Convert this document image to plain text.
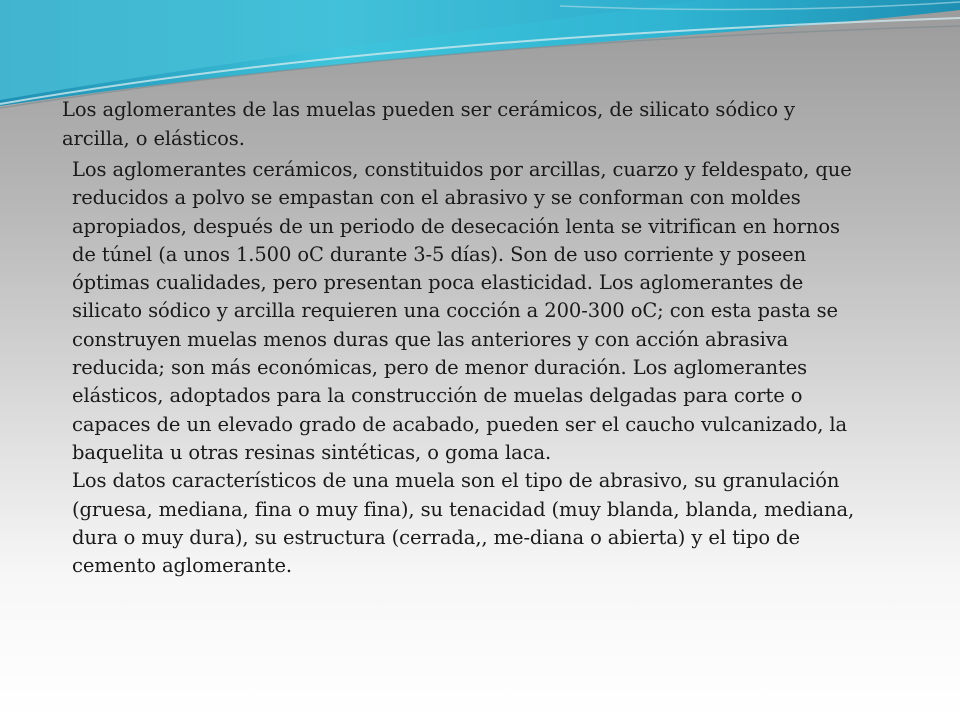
Los aglomerantes de las muelas pueden ser cerámicos, de silicato sódico y arcilla, o elásticos.

Los aglomerantes cerámicos, constituidos por arcillas, cuarzo y feldespato, que reducidos a polvo se empastan con el abrasivo y se conforman con moldes apropiados, después de un periodo de desecación lenta se vitrifican en hornos de túnel (a unos 1.500 oC durante 3-5 días). Son de uso corriente y poseen óptimas cualidades, pero presentan poca elasticidad. Los aglomerantes de silicato sódico y arcilla requieren una cocción a 200-300 oC; con esta pasta se construyen muelas menos duras que las anteriores y con acción abrasiva reducida; son más económicas, pero de menor duración. Los aglomerantes elásticos, adoptados para la construcción de muelas delgadas para corte o capaces de un elevado grado de acabado, pueden ser el caucho vulcanizado, la baquelita u otras resinas sintéticas, o goma laca.
Los datos característicos de una muela son el tipo de abrasivo, su granulación (gruesa, mediana, fina o muy fina), su tenacidad (muy blanda, blanda, mediana, dura o muy dura), su estructura (cerrada,, me-diana o abierta) y el tipo de cemento aglomerante.
